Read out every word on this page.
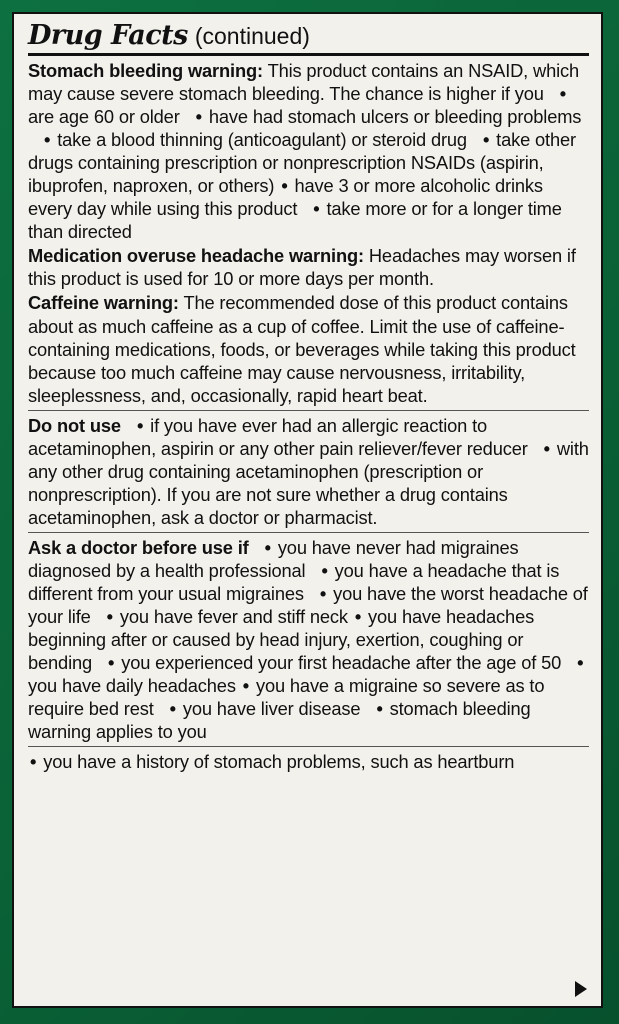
Drug Facts (continued)
Stomach bleeding warning: This product contains an NSAID, which may cause severe stomach bleeding. The chance is higher if you • are age 60 or older • have had stomach ulcers or bleeding problems• take a blood thinning (anticoagulant) or steroid drug • take other drugs containing prescription or nonprescription NSAIDs (aspirin, ibuprofen, naproxen, or others) • have 3 or more alcoholic drinks every day while using this product • take more or for a longer time than directed
Medication overuse headache warning: Headaches may worsen if this product is used for 10 or more days per month.
Caffeine warning: The recommended dose of this product contains about as much caffeine as a cup of coffee. Limit the use of caffeine-containing medications, foods, or beverages while taking this product because too much caffeine may cause nervousness, irritability, sleeplessness, and, occasionally, rapid heart beat.
Do not use • if you have ever had an allergic reaction to acetaminophen, aspirin or any other pain reliever/fever reducer • with any other drug containing acetaminophen (prescription or nonprescription). If you are not sure whether a drug contains acetaminophen, ask a doctor or pharmacist.
Ask a doctor before use if • you have never had migraines diagnosed by a health professional • you have a headache that is different from your usual migraines • you have the worst headache of your life • you have fever and stiff neck • you have headaches beginning after or caused by head injury, exertion, coughing or bending • you experienced your first headache after the age of 50 • you have daily headaches • you have a migraine so severe as to require bed rest • you have liver disease • stomach bleeding warning applies to you
• you have a history of stomach problems, such as heartburn
